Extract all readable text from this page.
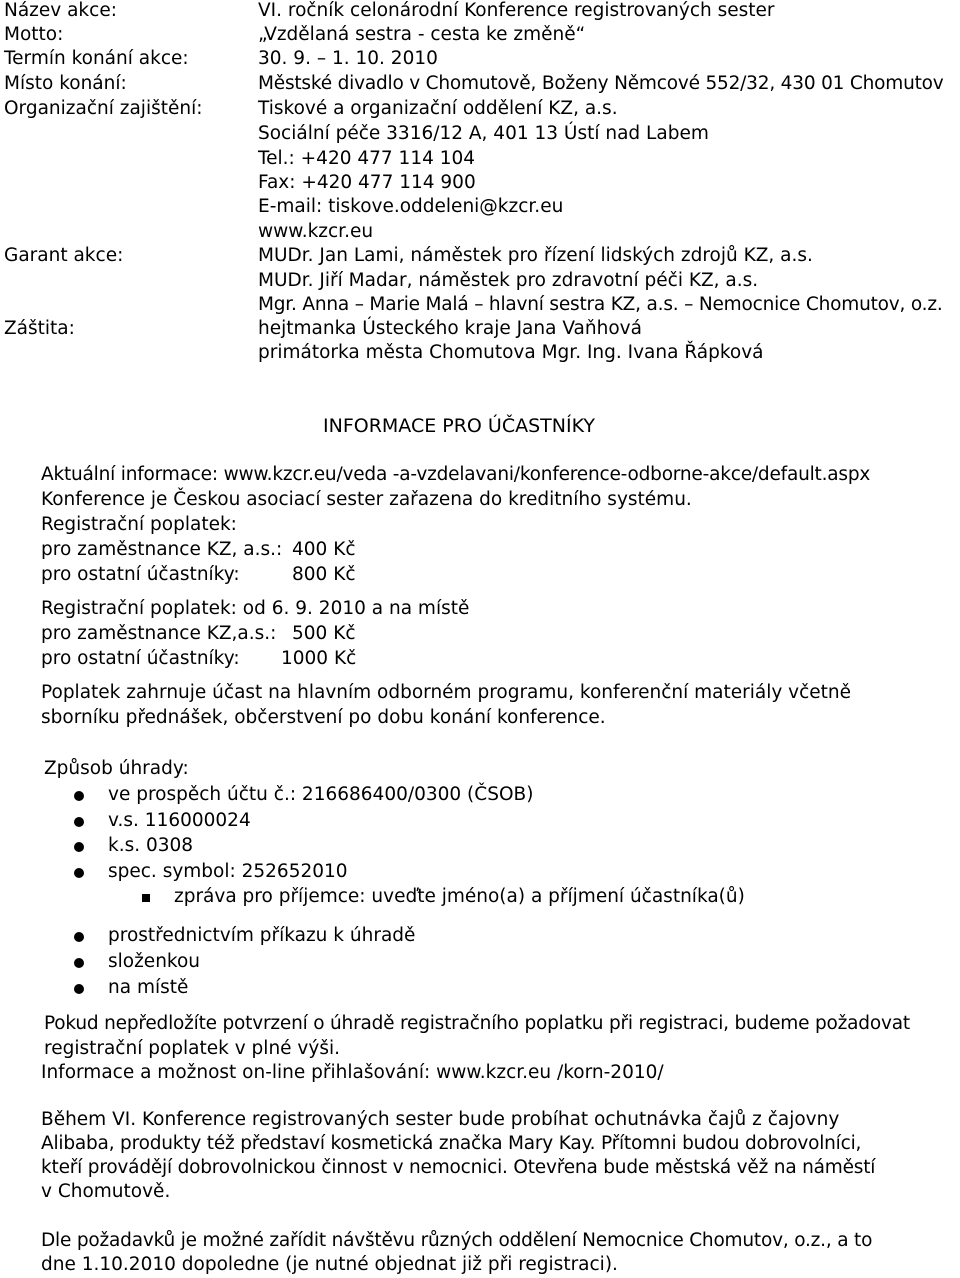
Název akce:	VI. ročník celonárodní Konference registrovaných sester
Motto:	„Vzdělaná sestra - cesta ke změně“
Termín konání akce:	30. 9. – 1. 10. 2010
Místo konání:	Městské divadlo v Chomutově, Boženy Němcové 552/32, 430 01 Chomutov
Organizační zajištění:	Tiskové a organizační oddělení KZ, a.s.
Sociální péče 3316/12 A, 401 13 Ústí nad Labem
Tel.: +420 477 114 104
Fax: +420 477 114 900
E-mail: tiskove.oddeleni@kzcr.eu
www.kzcr.eu
Garant akce:	MUDr. Jan Lami, náměstek pro řízení lidských zdrojů KZ, a.s.
MUDr. Jiří Madar, náměstek pro zdravotní péči KZ, a.s.
Mgr. Anna – Marie Malá – hlavní sestra KZ, a.s. – Nemocnice Chomutov, o.z.
Záštita:	hejtmanka Ústeckého kraje Jana Vaňhová
primátorka města Chomutova Mgr. Ing. Ivana Řápková
INFORMACE PRO ÚČASTNÍKY
Aktuální informace: www.kzcr.eu/veda -a-vzdelavani/konference-odborne-akce/default.aspx
Konference je Českou asociací sester zařazena do kreditního systému.
Registrační poplatek:
pro zaměstnance KZ, a.s.: 400 Kč
pro ostatní účastníky:	800 Kč
Registrační poplatek: od 6. 9. 2010 a na místě
pro zaměstnance KZ,a.s.: 500 Kč
pro ostatní účastníky: 1000 Kč
Poplatek zahrnuje účast na hlavním odborném programu, konferenční materiály včetně
sborníku přednášek, občerstvení po dobu konání konference.
Způsob úhrady:
ve prospěch účtu č.: 216686400/0300 (ČSOB)
v.s. 116000024
k.s. 0308
spec. symbol: 252652010
zpráva pro příjemce: uveďte jméno(a) a příjmení účastníka(ů)
prostřednictvím příkazu k úhradě
složenkou
na místě
Pokud nepředložíte potvrzení o úhradě registračního poplatku při registraci, budeme požadovat
registrační poplatek v plné výši.
Informace a možnost on-line přihlašování: www.kzcr.eu /korn-2010/
Během VI. Konference registrovaných sester bude probíhat ochutnávka čajů z čajovny
Alibaba, produkty též představí kosmetická značka Mary Kay. Přítomni budou dobrovolníci,
kteří provádějí dobrovolnickou činnost v nemocnici. Otevřena bude městská věž na náměstí
v Chomutově.
Dle požadavků je možné zařídit návštěvu různých oddělení Nemocnice Chomutov, o.z., a to
dne 1.10.2010 dopoledne (je nutné objednat již při registraci).
